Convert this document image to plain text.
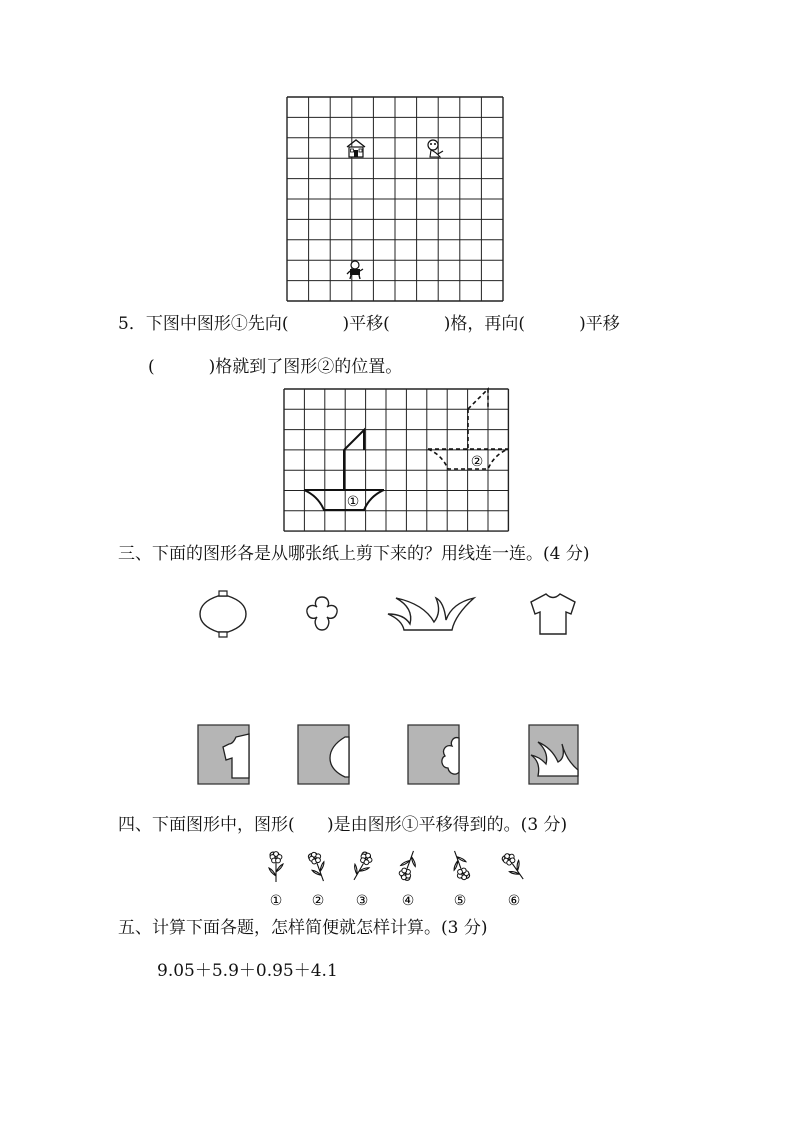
5．下图中图形①先向(          )平移(          )格，再向(          )平移
(          )格就到了图形②的位置。
①
②
三、下面的图形各是从哪张纸上剪下来的？用线连一连。(4 分)
四、下面图形中，图形(      )是由图形①平移得到的。(3 分)
① ② ③ ④	⑤	⑥
五、计算下面各题，怎样简便就怎样计算。(3 分)
9.05＋5.9＋0.95＋4.1
